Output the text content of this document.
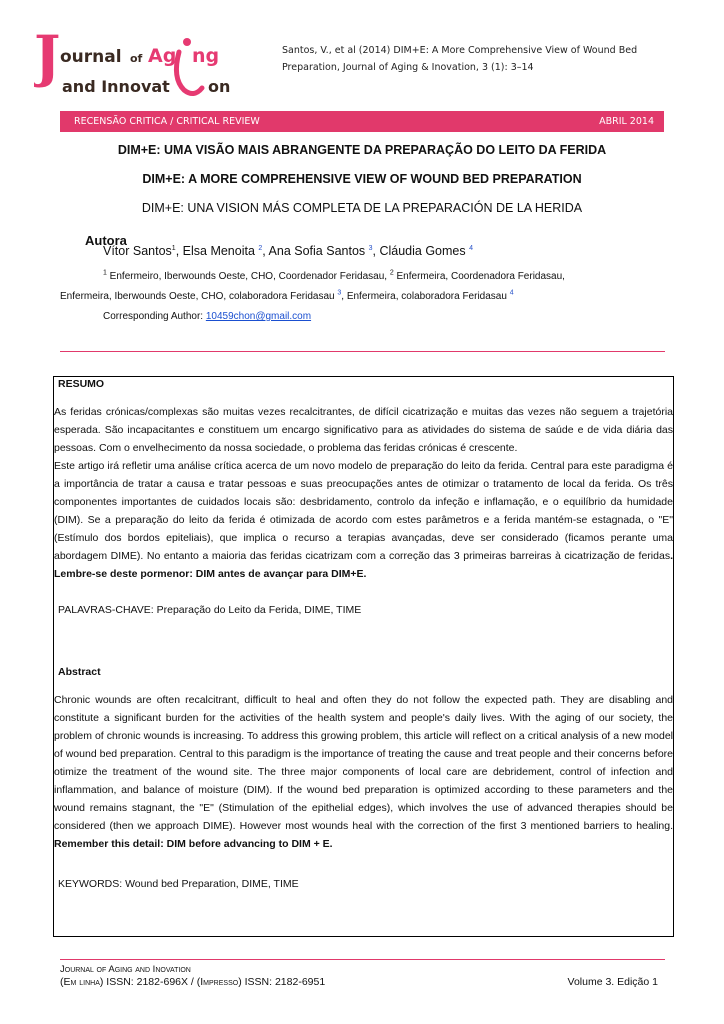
J ournal of Ag ng
and Innovat on
Santos, V., et al (2014) DIM+E: A More Comprehensive View of Wound Bed
Preparation, Journal of Aging & Inovation, 3 (1): 3–14
RECENSÃO CRITICA / CRITICAL REVIEW	ABRIL 2014
DIM+E: UMA VISÃO MAIS ABRANGENTE DA PREPARAÇÃO DO LEITO DA FERIDA
DIM+E: A MORE COMPREHENSIVE VIEW OF WOUND BED PREPARATION
DIM+E: UNA VISION MÁS COMPLETA DE LA PREPARACIÓN DE LA HERIDA
Autora
Vítor Santos$^1$, Elsa Menoita $^2$, Ana Sofia Santos $^3$, Cláudia Gomes $^4$
$^1$ Enfermeiro, Iberwounds Oeste, CHO, Coordenador Feridasau, $^2$ Enfermeira, Coordenadora Feridasau,
Enfermeira, Iberwounds Oeste, CHO, colaboradora Feridasau $^3$, Enfermeira, colaboradora Feridasau $^4$
Corresponding Author: 10459chon@gmail.com
RESUMO

As feridas crónicas/complexas são muitas vezes recalcitrantes, de difícil cicatrização e muitas das vezes não seguem a trajetória esperada. São incapacitantes e constituem um encargo significativo para as atividades do sistema de saúde e de vida diária das pessoas. Com o envelhecimento da nossa sociedade, o problema das feridas crónicas é crescente.

Este artigo irá refletir uma análise crítica acerca de um novo modelo de preparação do leito da ferida. Central para este paradigma é a importância de tratar a causa e tratar pessoas e suas preocupações antes de otimizar o tratamento de local da ferida. Os três componentes importantes de cuidados locais são: desbridamento, controlo da infeção e inflamação, e o equilíbrio da humidade (DIM). Se a preparação do leito da ferida é otimizada de acordo com estes parâmetros e a ferida mantém-se estagnada, o "E" (Estímulo dos bordos epiteliais), que implica o recurso a terapias avançadas, deve ser considerado (ficamos perante uma abordagem DIME). No entanto a maioria das feridas cicatrizam com a correção das 3 primeiras barreiras à cicatrização de feridas. Lembre-se deste pormenor: DIM antes de avançar para DIM+E.

PALAVRAS-CHAVE: Preparação do Leito da Ferida, DIME, TIME
Abstract

Chronic wounds are often recalcitrant, difficult to heal and often they do not follow the expected path. They are disabling and constitute a significant burden for the activities of the health system and people's daily lives. With the aging of our society, the problem of chronic wounds is increasing. To address this growing problem, this article will reflect on a critical analysis of a new model of wound bed preparation. Central to this paradigm is the importance of treating the cause and treat people and their concerns before otimize the treatment of the wound site. The three major components of local care are debridement, control of infection and inflammation, and balance of moisture (DIM). If the wound bed preparation is optimized according to these parameters and the wound remains stagnant, the "E" (Stimulation of the epithelial edges), which involves the use of advanced therapies should be considered (then we approach DIME). However most wounds heal with the correction of the first 3 mentioned barriers to healing. Remember this detail: DIM before advancing to DIM + E.

KEYWORDS: Wound bed Preparation, DIME, TIME
Journal of Aging and Inovation
(Em linha) ISSN: 2182-696X / (Impresso) ISSN: 2182-6951	Volume 3. Edição 1
